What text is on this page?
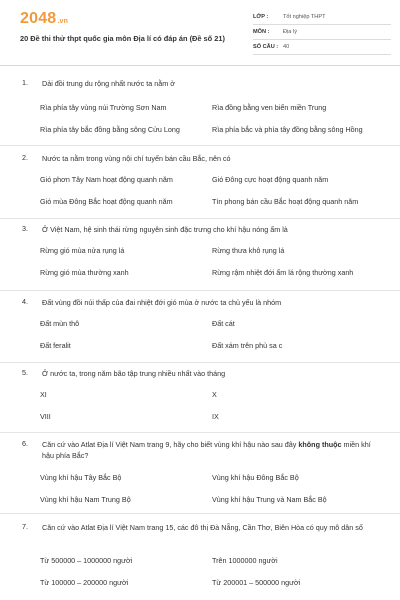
2048.vn
20 Đề thi thử thpt quốc gia môn Địa lí có đáp án (Đề số 21)
LỚP :	Tốt nghiệp THPT
MÔN :	Địa lý
SỐ CÂU : 40
1. Dải đồi trung du rộng nhất nước ta nằm ở
Rìa phía tây vùng núi Trường Sơn Nam	Rìa đồng bằng ven biển miền Trung
Rìa phía tây bắc đồng bằng sông Cửu Long	Rìa phía bắc và phía tây đồng bằng sông Hồng
2. Nước ta nằm trong vùng nội chí tuyến bán cầu Bắc, nên có
Gió phơn Tây Nam hoạt động quanh năm	Gió Đông cực hoạt động quanh năm
Gió mùa Đông Bắc hoạt động quanh năm	Tín phong bán cầu Bắc hoạt động quanh năm
3. Ở Việt Nam, hệ sinh thái rừng nguyên sinh đặc trưng cho khí hậu nóng ẩm là
Rừng gió mùa nửa rụng lá	Rừng thưa khô rụng lá
Rừng gió mùa thường xanh	Rừng rậm nhiệt đới ẩm lá rộng thường xanh
4. Đất vùng đồi núi thấp của đai nhiệt đới gió mùa ở nước ta chủ yếu là nhóm
Đất mùn thô	Đất cát
Đất feralit	Đất xám trên phù sa c
5. Ở nước ta, trong năm bão tập trung nhiều nhất vào tháng
XI	X
VIII	IX
6. Căn cứ vào Atlat Địa lí Việt Nam trang 9, hãy cho biết vùng khí hậu nào sau đây không thuộc miền khí hậu phía Bắc?
Vùng khí hậu Tây Bắc Bộ	Vùng khí hậu Đông Bắc Bộ
Vùng khí hậu Nam Trung Bộ	Vùng khí hậu Trung và Nam Bắc Bộ
7. Căn cứ vào Atlat Địa lí Việt Nam trang 15, các đô thị Đà Nẵng, Cần Thơ, Biên Hòa có quy mô dân số
Từ 500000 – 1000000 người	Trên 1000000 người
Từ 100000 – 200000 người	Từ 200001 – 500000 người
